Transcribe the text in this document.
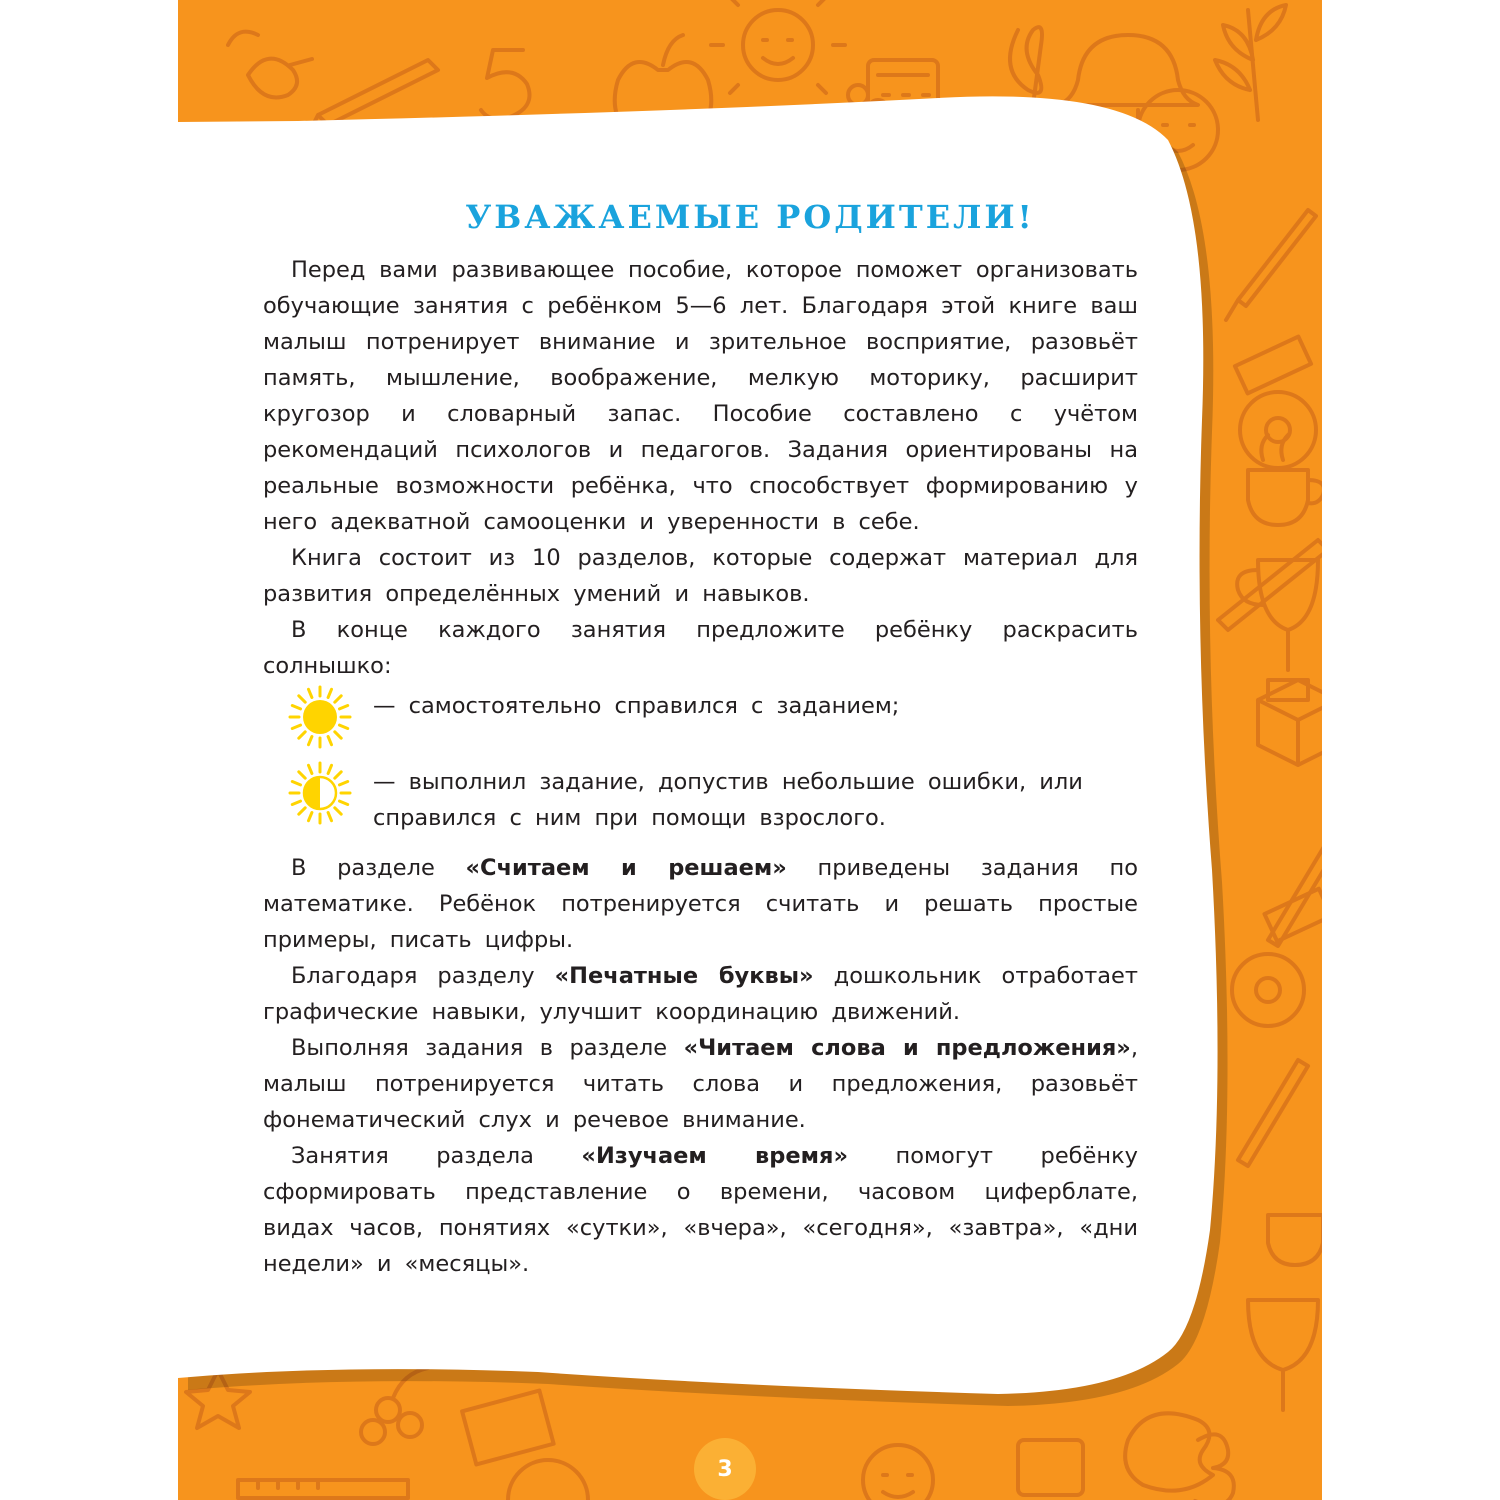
УВАЖАЕМЫЕ РОДИТЕЛИ!

Перед вами развивающее пособие, которое поможет организовать обучающие занятия с ребёнком 5—6 лет. Благодаря этой книге ваш малыш потренирует внимание и зрительное восприятие, разовьёт память, мышление, воображение, мелкую моторику, расширит кругозор и словарный запас. Пособие составлено с учётом рекомендаций психологов и педагогов. Задания ориентированы на реальные возможности ребёнка, что способствует формированию у него адекватной самооценки и уверенности в себе.

Книга состоит из 10 разделов, которые содержат материал для развития определённых умений и навыков.

В конце каждого занятия предложите ребёнку раскрасить солнышко:

— самостоятельно справился с заданием;
— выполнил задание, допустив небольшие ошибки, или справился с ним при помощи взрослого.

В разделе «Считаем и решаем» приведены задания по математике. Ребёнок потренируется считать и решать простые примеры, писать цифры.

Благодаря разделу «Печатные буквы» дошкольник отработает графические навыки, улучшит координацию движений.

Выполняя задания в разделе «Читаем слова и предложения», малыш потренируется читать слова и предложения, разовьёт фонематический слух и речевое внимание.

Занятия раздела «Изучаем время» помогут ребёнку сформировать представление о времени, часовом циферблате, видах часов, понятиях «сутки», «вчера», «сегодня», «завтра», «дни недели» и «месяцы».

3
